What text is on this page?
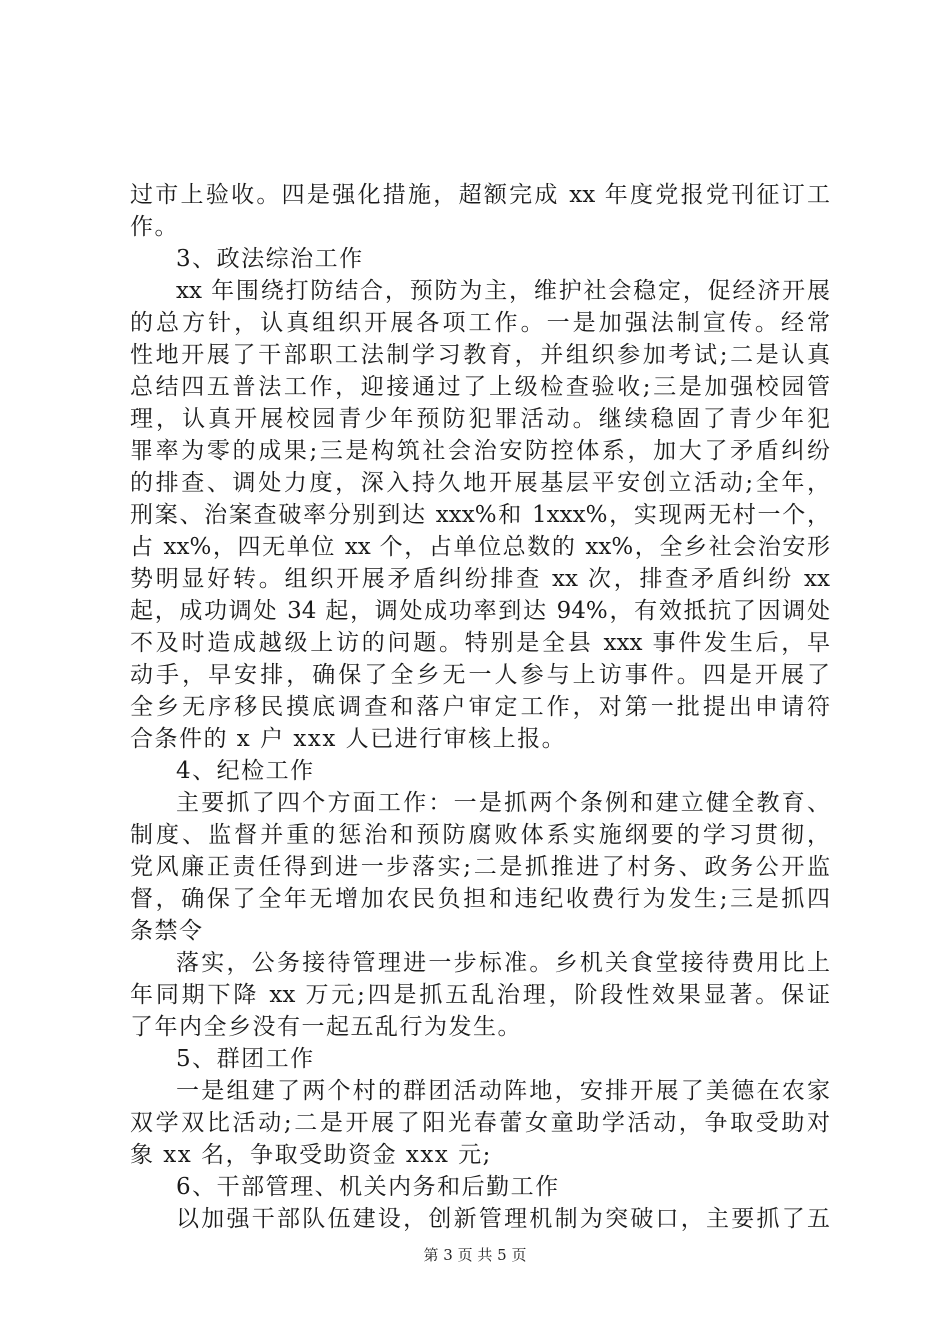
过市上验收。四是强化措施，超额完成 xx 年度党报党刊征订工
作。
3、政法综治工作
xx 年围绕打防结合，预防为主，维护社会稳定，促经济开展
的总方针，认真组织开展各项工作。一是加强法制宣传。经常
性地开展了干部职工法制学习教育，并组织参加考试;二是认真
总结四五普法工作，迎接通过了上级检查验收;三是加强校园管
理，认真开展校园青少年预防犯罪活动。继续稳固了青少年犯
罪率为零的成果;三是构筑社会治安防控体系，加大了矛盾纠纷
的排查、调处力度，深入持久地开展基层平安创立活动;全年，
刑案、治案查破率分别到达 xxx%和 1xxx%，实现两无村一个，
占 xx%，四无单位 xx 个，占单位总数的 xx%，全乡社会治安形
势明显好转。组织开展矛盾纠纷排查 xx 次，排查矛盾纠纷 xx
起，成功调处 34 起，调处成功率到达 94%，有效抵抗了因调处
不及时造成越级上访的问题。特别是全县 xxx 事件发生后，早
动手，早安排，确保了全乡无一人参与上访事件。四是开展了
全乡无序移民摸底调查和落户审定工作，对第一批提出申请符
合条件的 x 户 xxx 人已进行审核上报。
4、纪检工作
主要抓了四个方面工作：一是抓两个条例和建立健全教育、
制度、监督并重的惩治和预防腐败体系实施纲要的学习贯彻，
党风廉正责任得到进一步落实;二是抓推进了村务、政务公开监
督，确保了全年无增加农民负担和违纪收费行为发生;三是抓四
条禁令
落实，公务接待管理进一步标准。乡机关食堂接待费用比上
年同期下降 xx 万元;四是抓五乱治理，阶段性效果显著。保证
了年内全乡没有一起五乱行为发生。
5、群团工作
一是组建了两个村的群团活动阵地，安排开展了美德在农家
双学双比活动;二是开展了阳光春蕾女童助学活动，争取受助对
象 xx 名，争取受助资金 xxx 元;
6、干部管理、机关内务和后勤工作
以加强干部队伍建设，创新管理机制为突破口，主要抓了五
第 3 页 共 5 页
